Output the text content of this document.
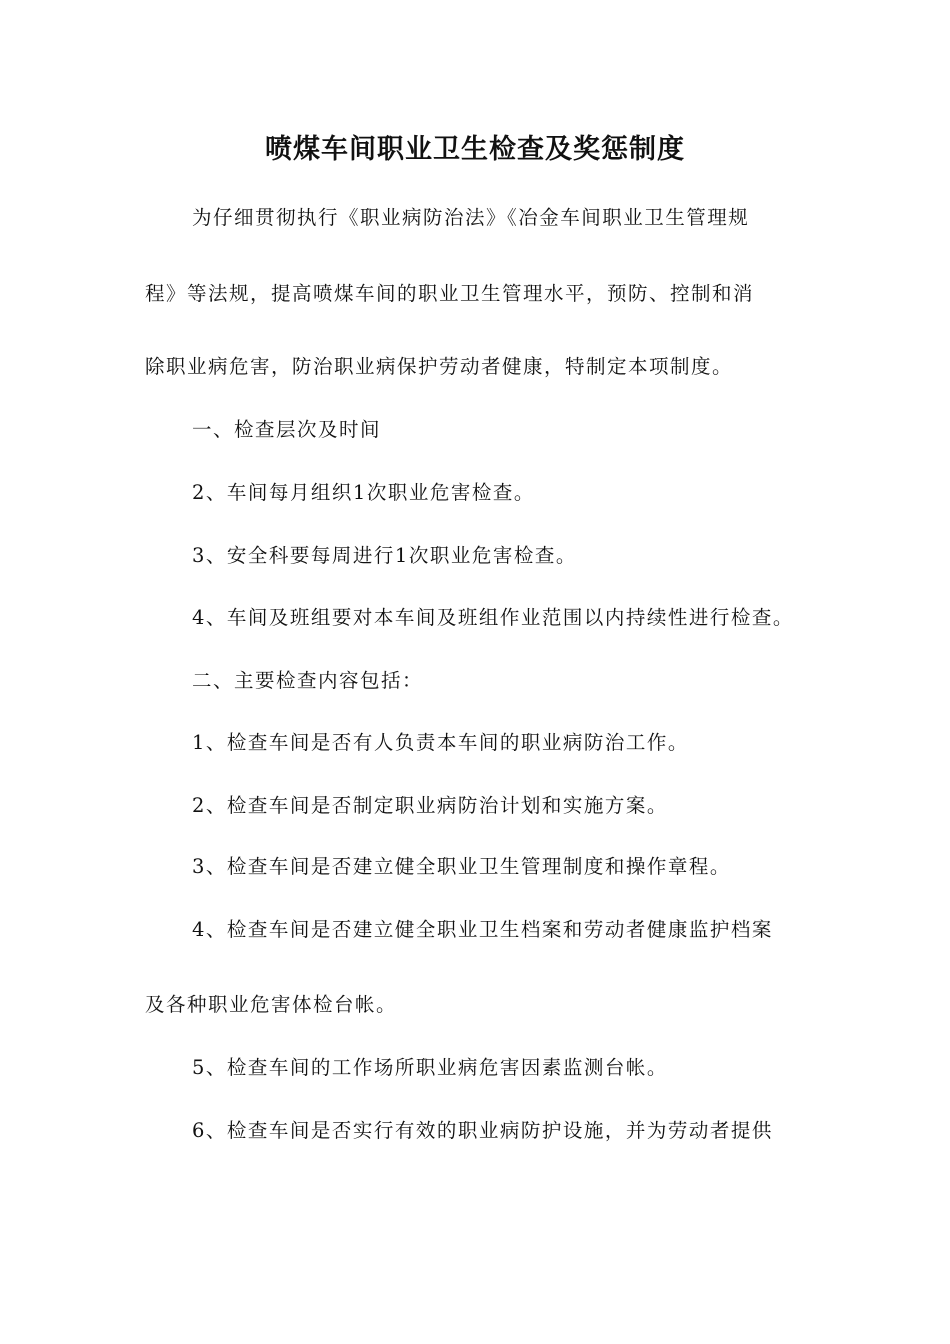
喷煤车间职业卫生检查及奖惩制度
为仔细贯彻执行《职业病防治法》《冶金车间职业卫生管理规
程》等法规，提高喷煤车间的职业卫生管理水平，预防、控制和消
除职业病危害，防治职业病保护劳动者健康，特制定本项制度。
一、检查层次及时间
2、车间每月组织1次职业危害检查。
3、安全科要每周进行1次职业危害检查。
4、车间及班组要对本车间及班组作业范围以内持续性进行检查。
二、主要检查内容包括：
1、检查车间是否有人负责本车间的职业病防治工作。
2、检查车间是否制定职业病防治计划和实施方案。
3、检查车间是否建立健全职业卫生管理制度和操作章程。
4、检查车间是否建立健全职业卫生档案和劳动者健康监护档案
及各种职业危害体检台帐。
5、检查车间的工作场所职业病危害因素监测台帐。
6、检查车间是否实行有效的职业病防护设施，并为劳动者提供
